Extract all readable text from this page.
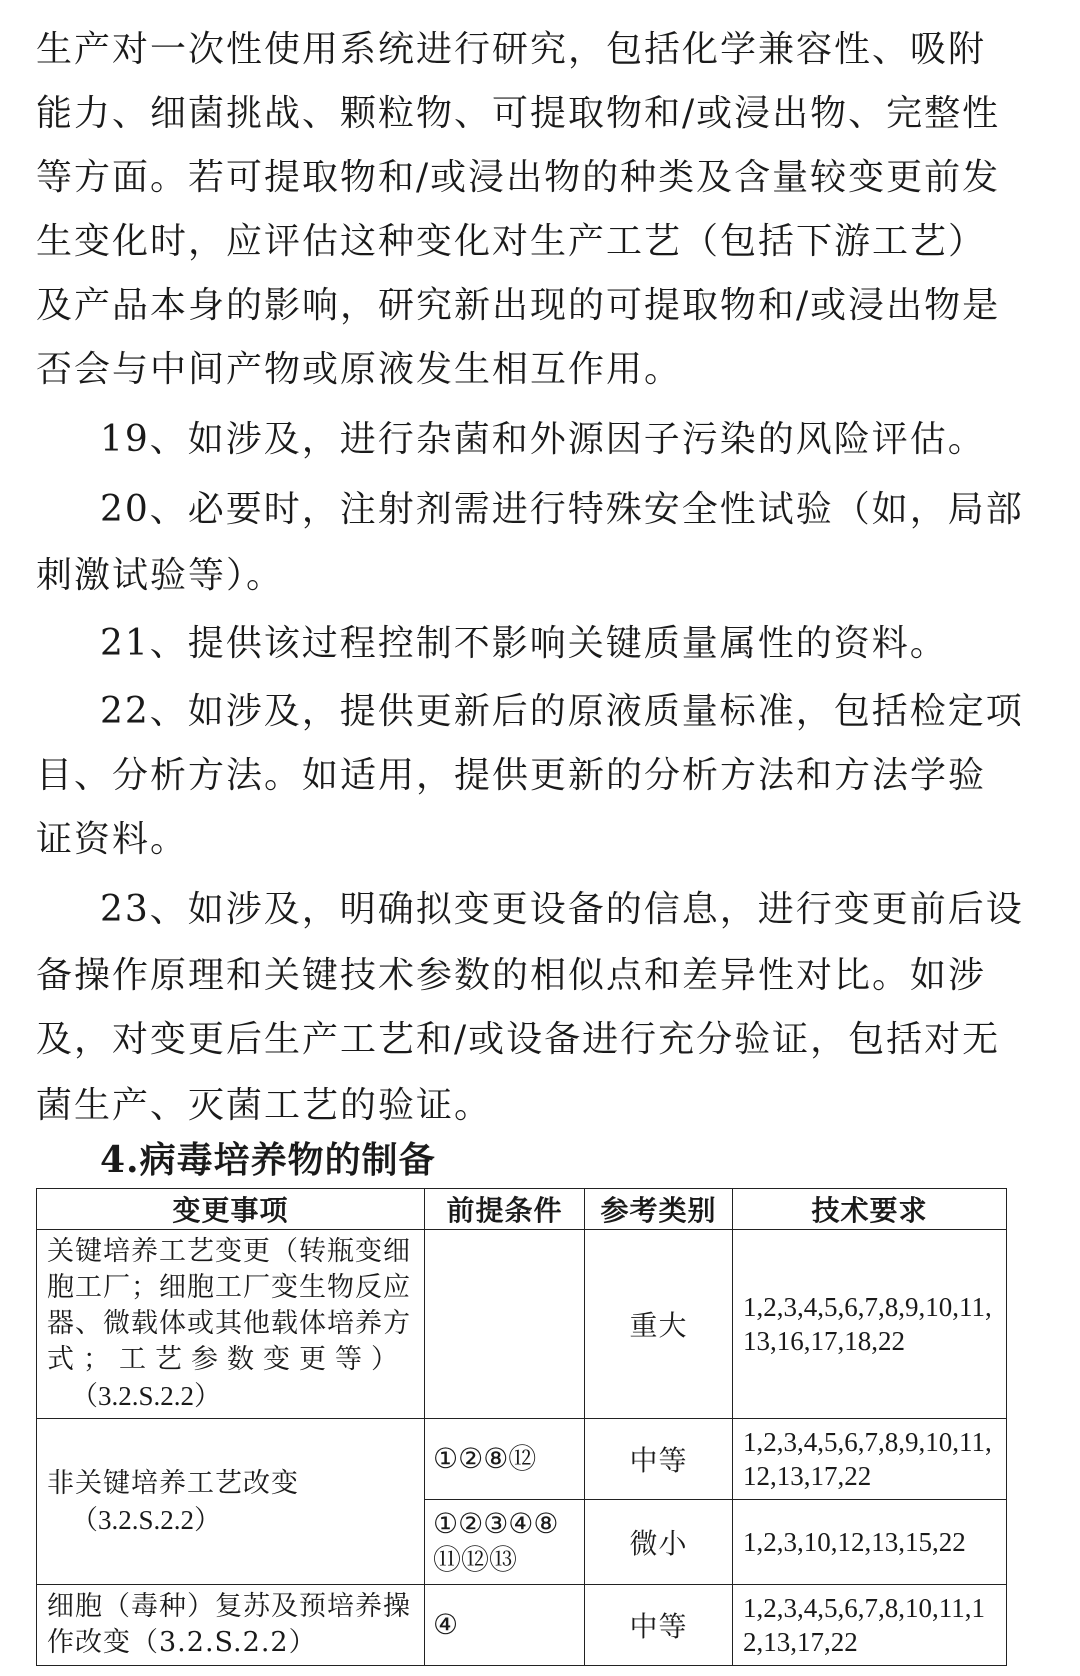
生产对一次性使用系统进行研究，包括化学兼容性、吸附
能力、细菌挑战、颗粒物、可提取物和/或浸出物、完整性
等方面。若可提取物和/或浸出物的种类及含量较变更前发
生变化时，应评估这种变化对生产工艺（包括下游工艺）
及产品本身的影响，研究新出现的可提取物和/或浸出物是
否会与中间产物或原液发生相互作用。
19、如涉及，进行杂菌和外源因子污染的风险评估。
20、必要时，注射剂需进行特殊安全性试验（如，局部
刺激试验等）。
21、提供该过程控制不影响关键质量属性的资料。
22、如涉及，提供更新后的原液质量标准，包括检定项
目、分析方法。如适用，提供更新的分析方法和方法学验
证资料。
23、如涉及，明确拟变更设备的信息，进行变更前后设
备操作原理和关键技术参数的相似点和差异性对比。如涉
及，对变更后生产工艺和/或设备进行充分验证，包括对无
菌生产、灭菌工艺的验证。
4.病毒培养物的制备
变更事项	前提条件	参考类别	技术要求

关键培养工艺变更（转瓶变细
胞工厂；细胞工厂变生物反应
器、微载体或其他载体培养方
式；工艺参数变更等）
（3.2.S.2.2）		重大	1,2,3,4,5,6,7,8,9,10,11,13,16,17,18,22

非关键培养工艺改变
（3.2.S.2.2）	①②⑧⑫	中等	1,2,3,4,5,6,7,8,9,10,11,12,13,17,22
	①②③④⑧⑪⑫⑬	微小	1,2,3,10,12,13,15,22

细胞（毒种）复苏及预培养操
作改变（3.2.S.2.2）	④	中等	1,2,3,4,5,6,7,8,10,11,12,13,17,22
